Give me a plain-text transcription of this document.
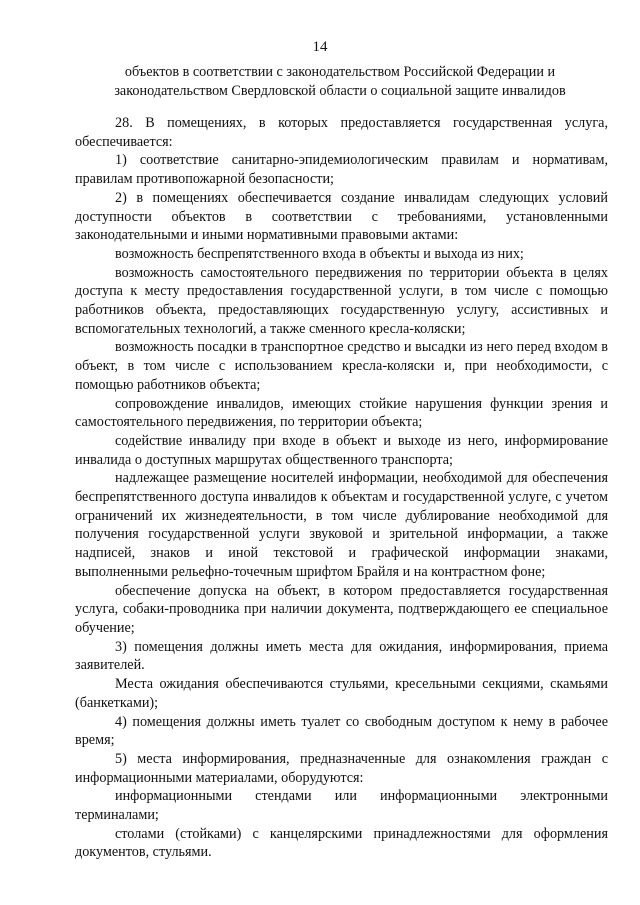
14
объектов в соответствии с законодательством Российской Федерации и законодательством Свердловской области о социальной защите инвалидов

28. В помещениях, в которых предоставляется государственная услуга, обеспечивается:

1) соответствие санитарно-эпидемиологическим правилам и нормативам, правилам противопожарной безопасности;

2) в помещениях обеспечивается создание инвалидам следующих условий доступности объектов в соответствии с требованиями, установленными законодательными и иными нормативными правовыми актами:

возможность беспрепятственного входа в объекты и выхода из них;

возможность самостоятельного передвижения по территории объекта в целях доступа к месту предоставления государственной услуги, в том числе с помощью работников объекта, предоставляющих государственную услугу, ассистивных и вспомогательных технологий, а также сменного кресла-коляски;

возможность посадки в транспортное средство и высадки из него перед входом в объект, в том числе с использованием кресла-коляски и, при необходимости, с помощью работников объекта;

сопровождение инвалидов, имеющих стойкие нарушения функции зрения и самостоятельного передвижения, по территории объекта;

содействие инвалиду при входе в объект и выходе из него, информирование инвалида о доступных маршрутах общественного транспорта;

надлежащее размещение носителей информации, необходимой для обеспечения беспрепятственного доступа инвалидов к объектам и государственной услуге, с учетом ограничений их жизнедеятельности, в том числе дублирование необходимой для получения государственной услуги звуковой и зрительной информации, а также надписей, знаков и иной текстовой и графической информации знаками, выполненными рельефно-точечным шрифтом Брайля и на контрастном фоне;

обеспечение допуска на объект, в котором предоставляется государственная услуга, собаки-проводника при наличии документа, подтверждающего ее специальное обучение;

3) помещения должны иметь места для ожидания, информирования, приема заявителей.

Места ожидания обеспечиваются стульями, кресельными секциями, скамьями (банкетками);

4) помещения должны иметь туалет со свободным доступом к нему в рабочее время;

5) места информирования, предназначенные для ознакомления граждан с информационными материалами, оборудуются:

информационными стендами или информационными электронными терминалами;

столами (стойками) с канцелярскими принадлежностями для оформления документов, стульями.
